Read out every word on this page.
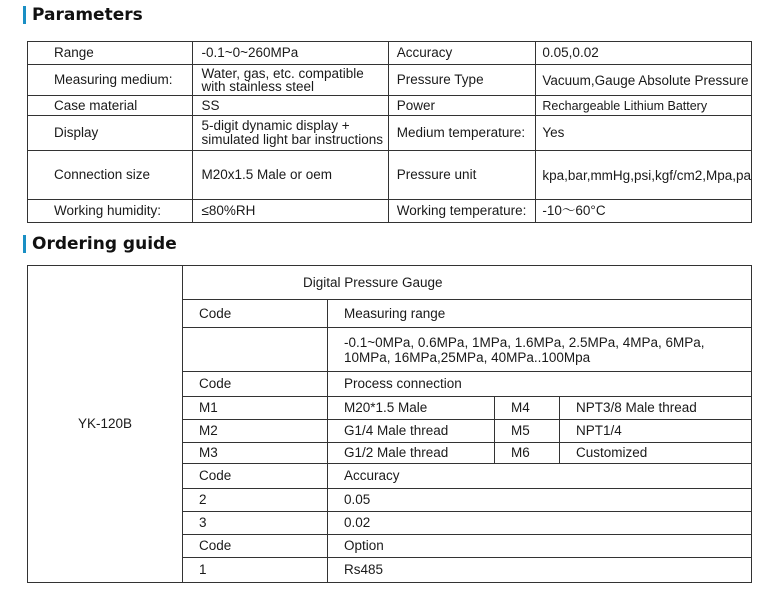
Parameters
Range	-0.1~0~260MPa	Accuracy	0.05,0.02
Measuring medium:	Water, gas, etc. compatible with stainless steel	Pressure Type	Vacuum,Gauge Absolute Pressure
Case material	SS	Power	Rechargeable Lithium Battery
Display	5-digit dynamic display + simulated light bar instructions	Medium temperature:	Yes
Connection size	M20x1.5 Male or oem	Pressure unit	kpa,bar,mmHg,psi,kgf/cm2,Mpa,pa
Working humidity:	≤80%RH	Working temperature:	-10～60°C
Ordering guide
YK-120B	Digital Pressure Gauge			
	Code	Measuring range		
		-0.1~0MPa, 0.6MPa, 1MPa, 1.6MPa, 2.5MPa, 4MPa, 6MPa, 10MPa, 16MPa,25MPa, 40MPa..100Mpa		
	Code	Process connection		
	M1	M20*1.5 Male	M4	NPT3/8 Male thread
	M2	G1/4 Male thread	M5	NPT1/4
	M3	G1/2 Male thread	M6	Customized
	Code	Accuracy		
	2	0.05		
	3	0.02		
	Code	Option		
	1	Rs485		
